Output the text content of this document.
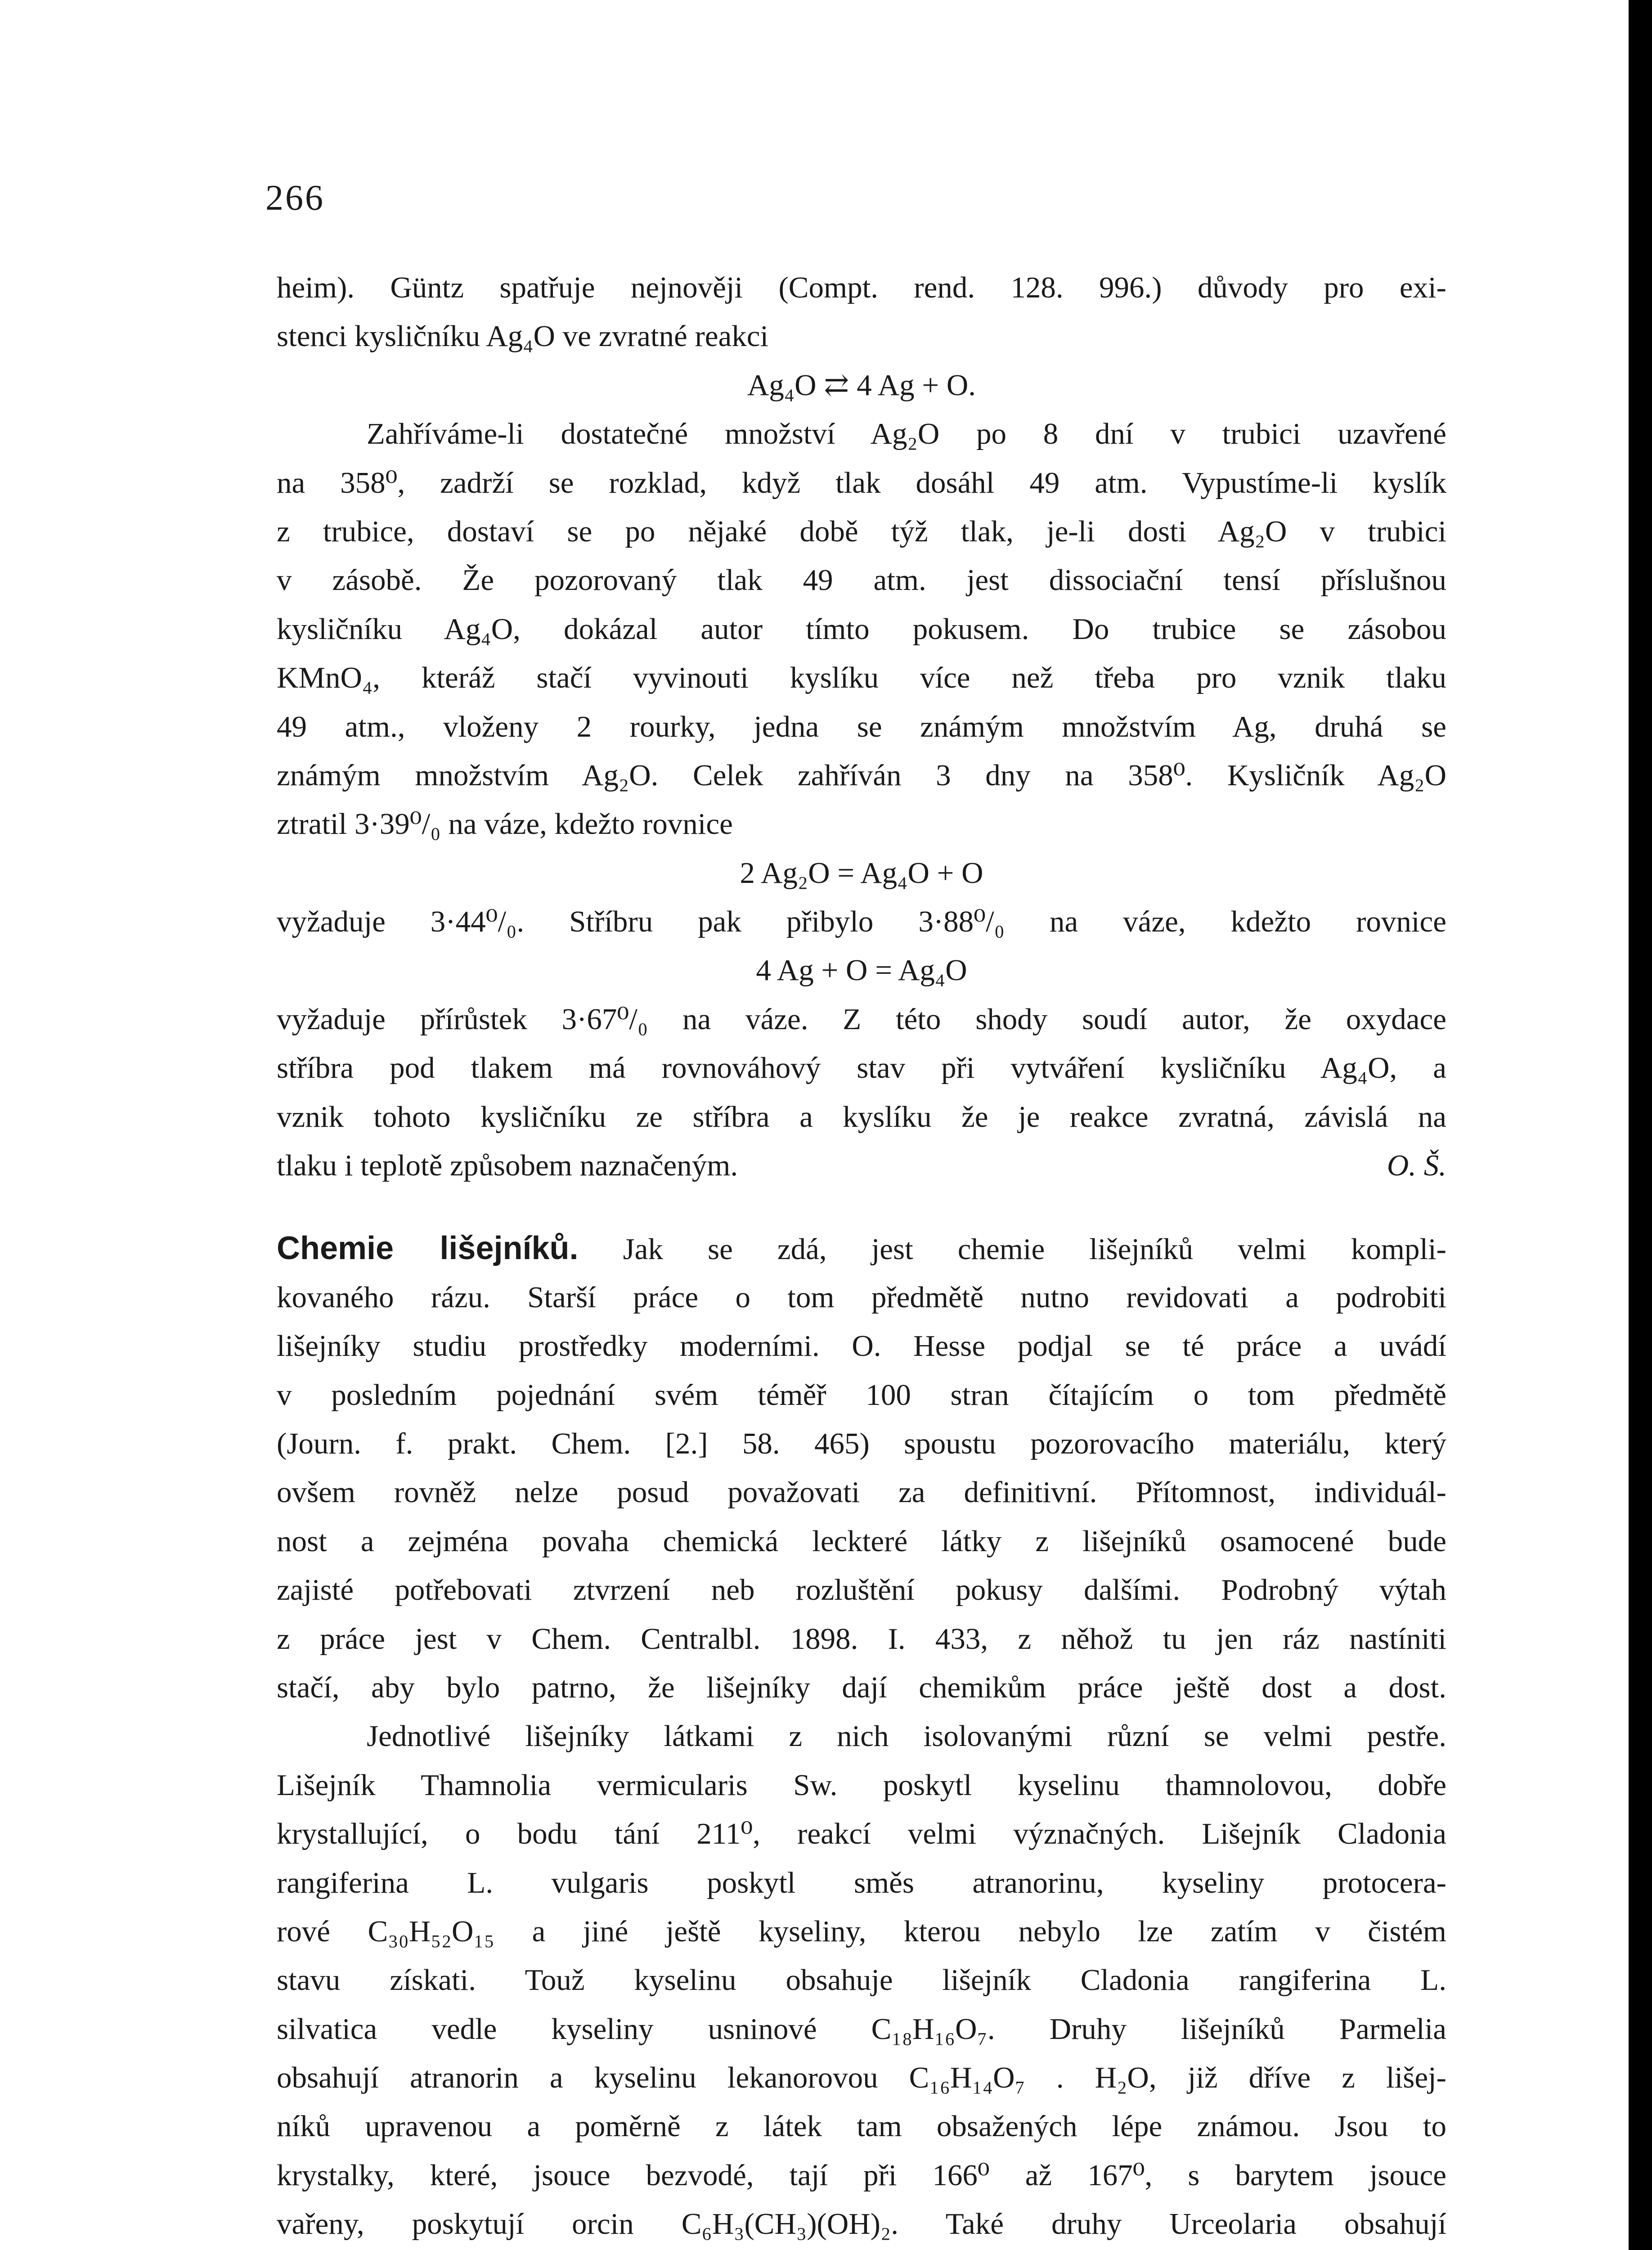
266
heim). Güntz spatřuje nejnověji (Compt. rend. 128. 996.) důvody pro exi-
stenci kysličníku Ag₄O ve zvratné reakci
Ag₄O ⇄ 4 Ag + O.
Zahříváme-li dostatečné množství Ag₂O po 8 dní v trubici uzavřené
na 358⁰, zadrží se rozklad, když tlak dosáhl 49 atm. Vypustíme-li kyslík
z trubice, dostaví se po nějaké době týž tlak, je-li dosti Ag₂O v trubici
v zásobě. Že pozorovaný tlak 49 atm. jest dissociační tensí příslušnou
kysličníku Ag₄O, dokázal autor tímto pokusem. Do trubice se zásobou
KMnO₄, kteráž stačí vyvinouti kyslíku více než třeba pro vznik tlaku
49 atm., vloženy 2 rourky, jedna se známým množstvím Ag, druhá se
známým množstvím Ag₂O. Celek zahříván 3 dny na 358⁰. Kysličník Ag₂O
ztratil 3·39⁰/₀ na váze, kdežto rovnice
2 Ag₂O = Ag₄O + O
vyžaduje 3·44⁰/₀. Stříbru pak přibylo 3·88⁰/₀ na váze, kdežto rovnice
4 Ag + O = Ag₄O
vyžaduje přírůstek 3·67⁰/₀ na váze. Z této shody soudí autor, že oxydace
stříbra pod tlakem má rovnováhový stav při vytváření kysličníku Ag₄O, a
vznik tohoto kysličníku ze stříbra a kyslíku že je reakce zvratná, závislá na
tlaku i teplotě způsobem naznačeným.	O. Š.
Chemie lišejníků. Jak se zdá, jest chemie lišejníků velmi kompli-
kovaného rázu. Starší práce o tom předmětě nutno revidovati a podrobiti
lišejníky studiu prostředky moderními. O. Hesse podjal se té práce a uvádí
v posledním pojednání svém téměř 100 stran čítajícím o tom předmětě
(Journ. f. prakt. Chem. [2.] 58. 465) spoustu pozorovacího materiálu, který
ovšem rovněž nelze posud považovati za definitivní. Přítomnost, individuál-
nost a zejména povaha chemická leckteré látky z lišejníků osamocené bude
zajisté potřebovati ztvrzení neb rozluštění pokusy dalšími. Podrobný výtah
z práce jest v Chem. Centralbl. 1898. I. 433, z něhož tu jen ráz nastíniti
stačí, aby bylo patrno, že lišejníky dají chemikům práce ještě dost a dost.
Jednotlivé lišejníky látkami z nich isolovanými různí se velmi pestře.
Lišejník Thamnolia vermicularis Sw. poskytl kyselinu thamnolovou, dobře
krystallující, o bodu tání 211⁰, reakcí velmi význačných. Lišejník Cladonia
rangiferina L. vulgaris poskytl směs atranorinu, kyseliny protocera-
rové C₃₀H₅₂O₁₅ a jiné ještě kyseliny, kterou nebylo lze zatím v čistém
stavu získati. Touž kyselinu obsahuje lišejník Cladonia rangiferina L.
silvatica vedle kyseliny usninové C₁₈H₁₆O₇. Druhy lišejníků Parmelia
obsahují atranorin a kyselinu lekanorovou C₁₆H₁₄O₇ . H₂O, již dříve z lišej-
níků upravenou a poměrně z látek tam obsažených lépe známou. Jsou to
krystalky, které, jsouce bezvodé, tají při 166⁰ až 167⁰, s barytem jsouce
vařeny, poskytují orcin C₆H₃(CH₃)(OH)₂. Také druhy Urceolaria obsahují
